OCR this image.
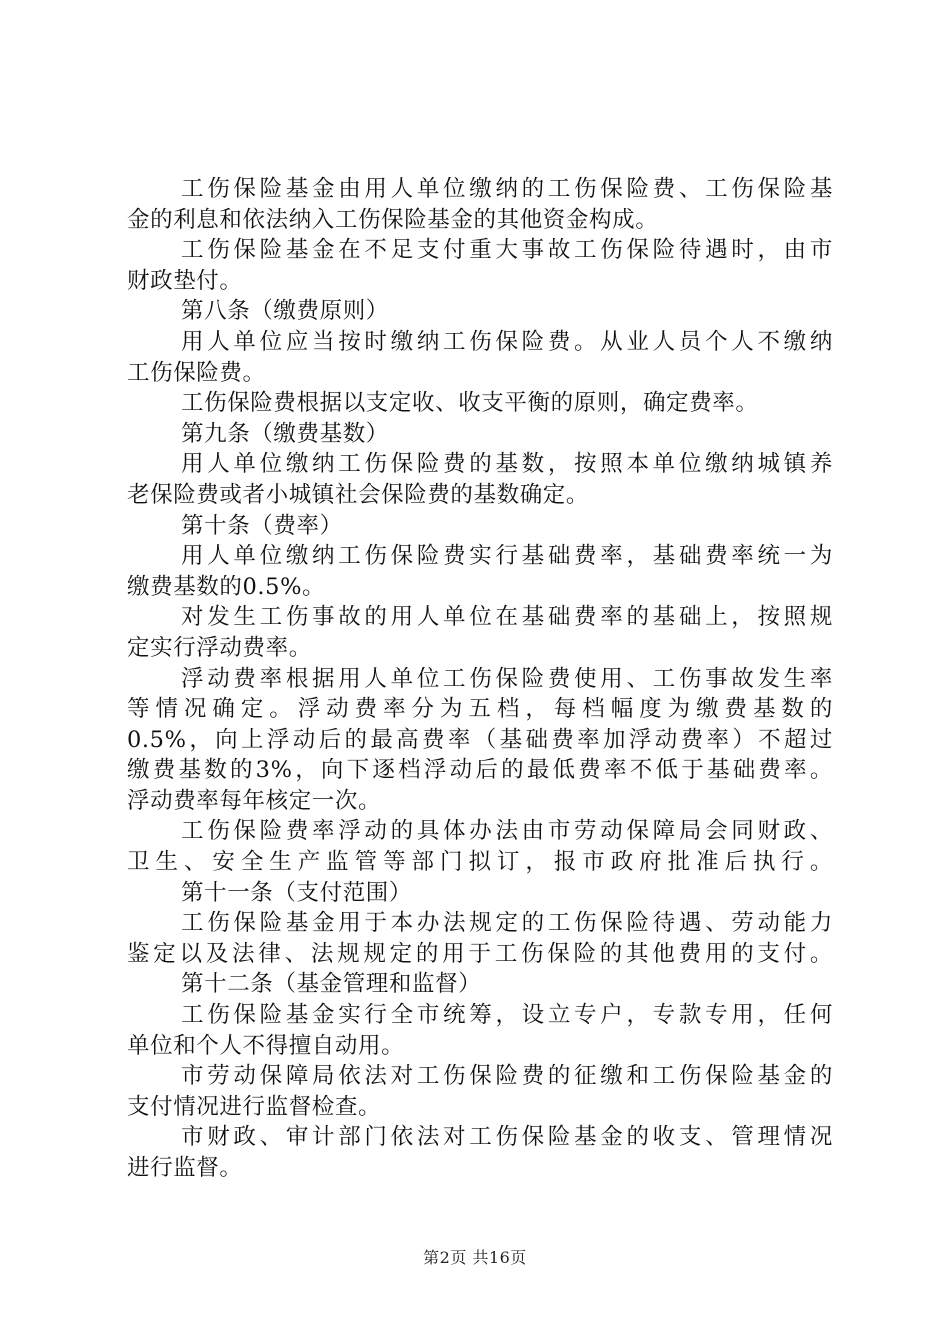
工伤保险基金由用人单位缴纳的工伤保险费、工伤保险基
金的利息和依法纳入工伤保险基金的其他资金构成。
工伤保险基金在不足支付重大事故工伤保险待遇时，由市
财政垫付。
第八条（缴费原则）
用人单位应当按时缴纳工伤保险费。从业人员个人不缴纳
工伤保险费。
工伤保险费根据以支定收、收支平衡的原则，确定费率。
第九条（缴费基数）
用人单位缴纳工伤保险费的基数，按照本单位缴纳城镇养
老保险费或者小城镇社会保险费的基数确定。
第十条（费率）
用人单位缴纳工伤保险费实行基础费率，基础费率统一为
缴费基数的0.5%。
对发生工伤事故的用人单位在基础费率的基础上，按照规
定实行浮动费率。
浮动费率根据用人单位工伤保险费使用、工伤事故发生率
等情况确定。浮动费率分为五档，每档幅度为缴费基数的
0.5%，向上浮动后的最高费率（基础费率加浮动费率）不超过
缴费基数的3%，向下逐档浮动后的最低费率不低于基础费率。
浮动费率每年核定一次。
工伤保险费率浮动的具体办法由市劳动保障局会同财政、
卫生、安全生产监管等部门拟订，报市政府批准后执行。
第十一条（支付范围）
工伤保险基金用于本办法规定的工伤保险待遇、劳动能力
鉴定以及法律、法规规定的用于工伤保险的其他费用的支付。
第十二条（基金管理和监督）
工伤保险基金实行全市统筹，设立专户，专款专用，任何
单位和个人不得擅自动用。
市劳动保障局依法对工伤保险费的征缴和工伤保险基金的
支付情况进行监督检查。
市财政、审计部门依法对工伤保险基金的收支、管理情况
进行监督。
第2页 共16页
